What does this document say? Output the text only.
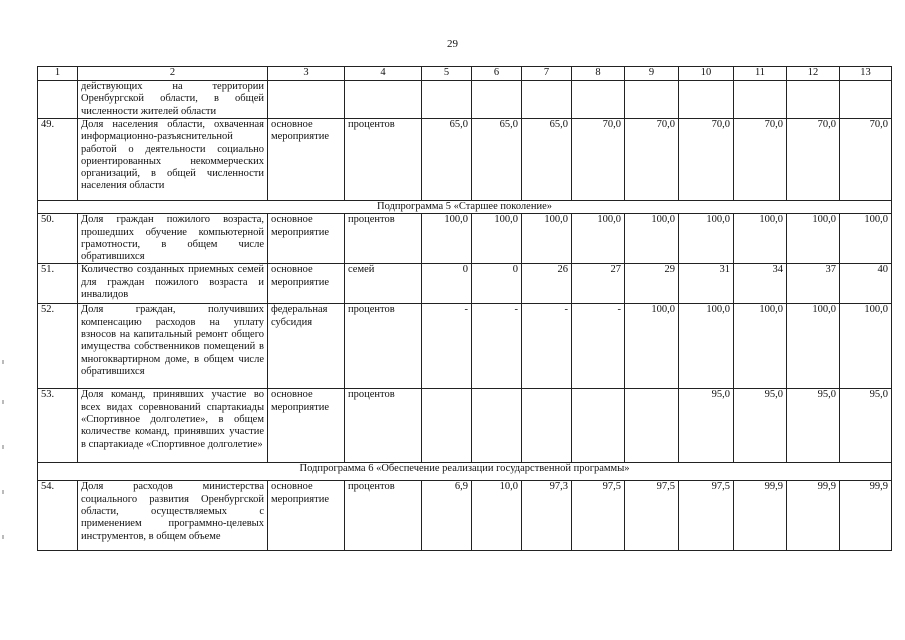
29
1	2	3	4	5	6	7	8	9	10	11	12	13
	действующих на территории Оренбургской области, в общей численности жителей области											
49.	Доля населения области, охваченная информационно-разъяснительной работой о деятельности социально ориентированных некоммерческих организаций, в общей численности населения области	основное мероприятие	процентов	65,0	65,0	65,0	70,0	70,0	70,0	70,0	70,0	70,0
Подпрограмма 5 «Старшее поколение»												
50.	Доля граждан пожилого возраста, прошедших обучение компьютерной грамотности, в общем числе обратившихся	основное мероприятие	процентов	100,0	100,0	100,0	100,0	100,0	100,0	100,0	100,0	100,0
51.	Количество созданных приемных семей для граждан пожилого возраста и инвалидов	основное мероприятие	семей	0	0	26	27	29	31	34	37	40
52.	Доля граждан, получивших компенсацию расходов на уплату взносов на капитальный ремонт общего имущества собственников помещений в многоквартирном доме, в общем числе обратившихся	федеральная субсидия	процентов	-	-	-	-	100,0	100,0	100,0	100,0	100,0
53.	Доля команд, принявших участие во всех видах соревнований спартакиады «Спортивное долголетие», в общем количестве команд, принявших участие в спартакиаде «Спортивное долголетие»	основное мероприятие	процентов						95,0	95,0	95,0	95,0
Подпрограмма 6 «Обеспечение реализации государственной программы»												
54.	Доля расходов министерства социального развития Оренбургской области, осуществляемых с применением программно-целевых инструментов, в общем объеме	основное мероприятие	процентов	6,9	10,0	97,3	97,5	97,5	97,5	99,9	99,9	99,9
